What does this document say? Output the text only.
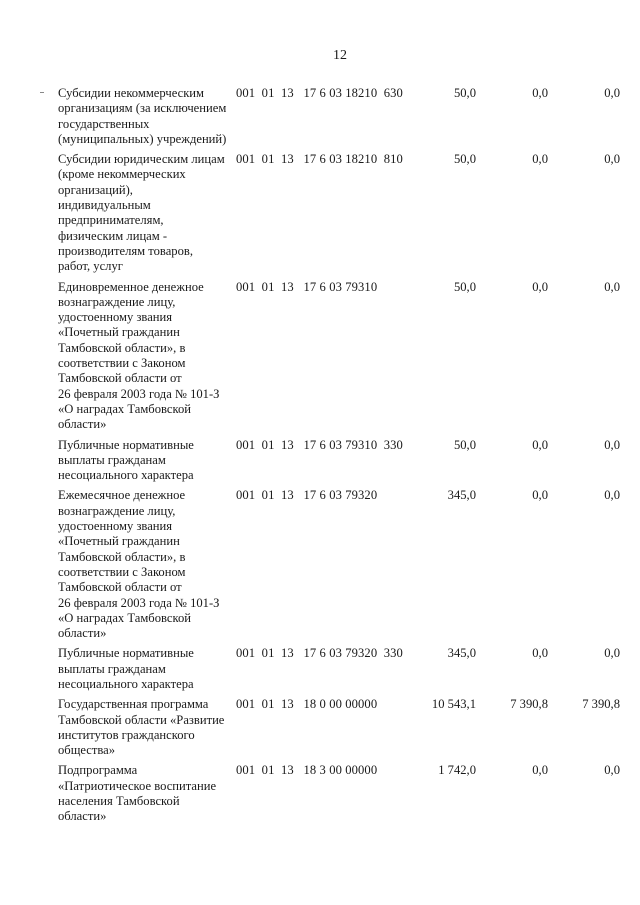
12
Субсидии некоммерческим
организациям (за исключением
государственных
(муниципальных) учреждений)
001  01  13   17 6 03 18210  630	50,0	0,0	0,0
Субсидии юридическим лицам
(кроме некоммерческих
организаций),
индивидуальным
предпринимателям,
физическим лицам -
производителям товаров,
работ, услуг
001  01  13   17 6 03 18210  810	50,0	0,0	0,0
Единовременное денежное
вознаграждение лицу,
удостоенному звания
«Почетный гражданин
Тамбовской области», в
соответствии с Законом
Тамбовской области от
26 февраля 2003 года № 101-З
«О наградах Тамбовской
области»
001  01  13   17 6 03 79310	50,0	0,0	0,0
Публичные нормативные
выплаты гражданам
несоциального характера
001  01  13   17 6 03 79310  330	50,0	0,0	0,0
Ежемесячное денежное
вознаграждение лицу,
удостоенному звания
«Почетный гражданин
Тамбовской области», в
соответствии с Законом
Тамбовской области от
26 февраля 2003 года № 101-З
«О наградах Тамбовской
области»
001  01  13   17 6 03 79320	345,0	0,0	0,0
Публичные нормативные
выплаты гражданам
несоциального характера
001  01  13   17 6 03 79320  330	345,0	0,0	0,0
Государственная программа
Тамбовской области «Развитие
институтов гражданского
общества»
001  01  13   18 0 00 00000	10 543,1	7 390,8	7 390,8
Подпрограмма
«Патриотическое воспитание
населения Тамбовской
области»
001  01  13   18 3 00 00000	1 742,0	0,0	0,0
